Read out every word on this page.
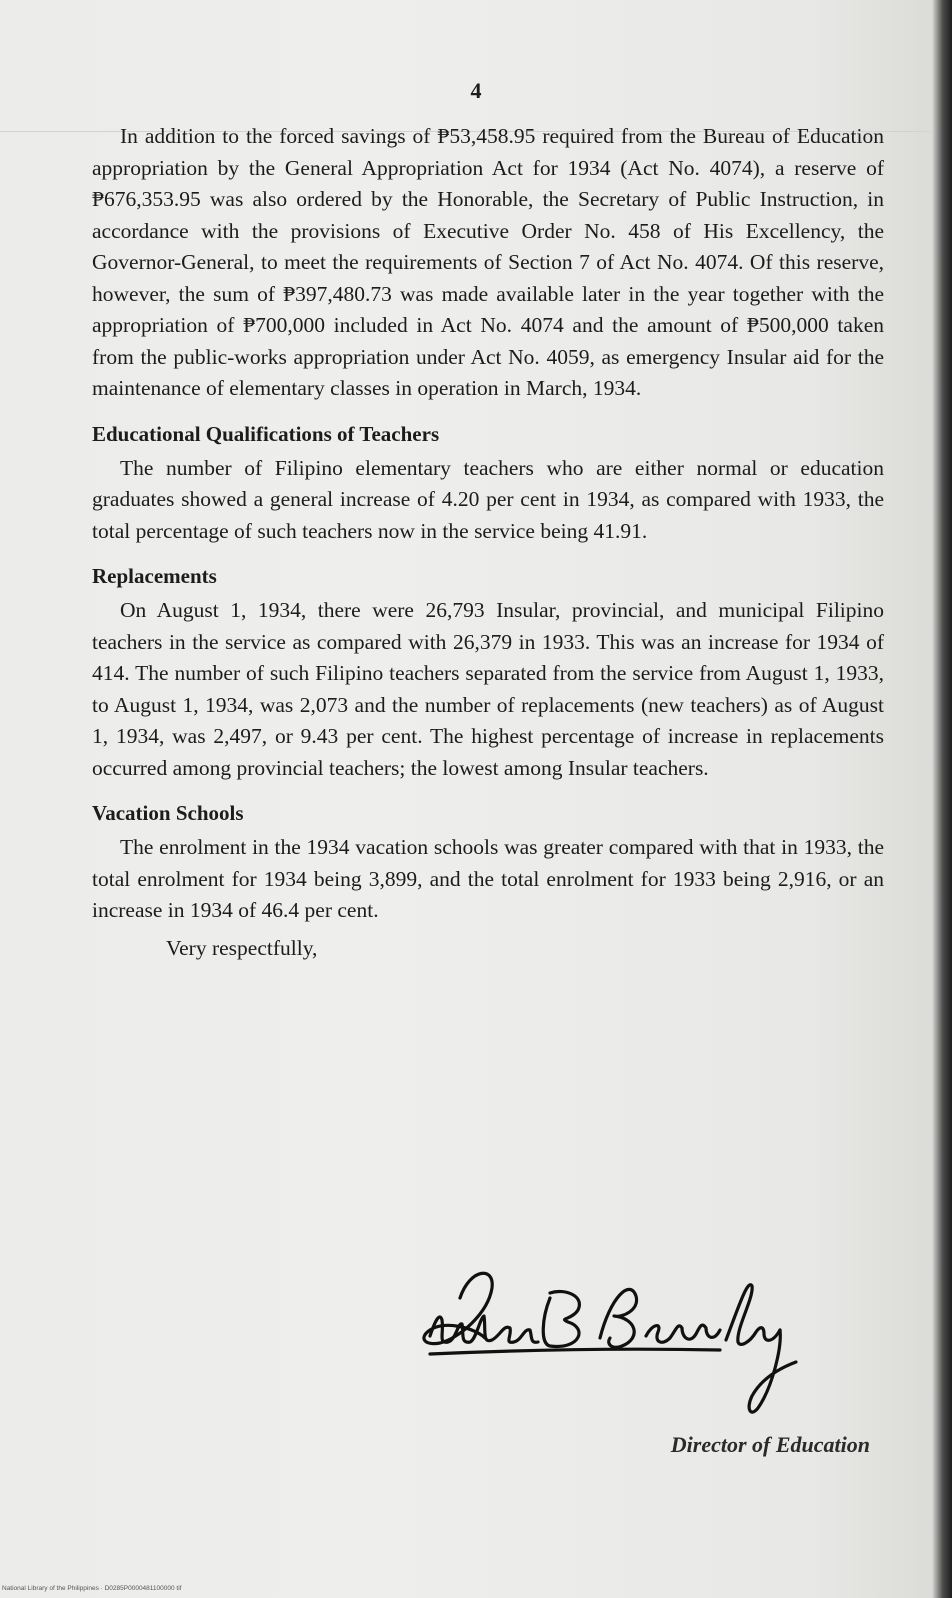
4

In addition to the forced savings of ₱53,458.95 required from the Bureau of Education appropriation by the General Appropriation Act for 1934 (Act No. 4074), a reserve of ₱676,353.95 was also ordered by the Honorable, the Secretary of Public Instruction, in accordance with the provisions of Executive Order No. 458 of His Excellency, the Governor-General, to meet the requirements of Section 7 of Act No. 4074. Of this reserve, however, the sum of ₱397,480.73 was made available later in the year together with the appropriation of ₱700,000 included in Act No. 4074 and the amount of ₱500,000 taken from the public-works appropriation under Act No. 4059, as emergency Insular aid for the maintenance of elementary classes in operation in March, 1934.

Educational Qualifications of Teachers

The number of Filipino elementary teachers who are either normal or education graduates showed a general increase of 4.20 per cent in 1934, as compared with 1933, the total percentage of such teachers now in the service being 41.91.

Replacements

On August 1, 1934, there were 26,793 Insular, provincial, and municipal Filipino teachers in the service as compared with 26,379 in 1933. This was an increase for 1934 of 414. The number of such Filipino teachers separated from the service from August 1, 1933, to August 1, 1934, was 2,073 and the number of replacements (new teachers) as of August 1, 1934, was 2,497, or 9.43 per cent. The highest percentage of increase in replacements occurred among provincial teachers; the lowest among Insular teachers.

Vacation Schools

The enrolment in the 1934 vacation schools was greater compared with that in 1933, the total enrolment for 1934 being 3,899, and the total enrolment for 1933 being 2,916, or an increase in 1934 of 46.4 per cent.

Very respectfully,

Director of Education
National Library of the Philippines · D0285P0000481100000 tif
